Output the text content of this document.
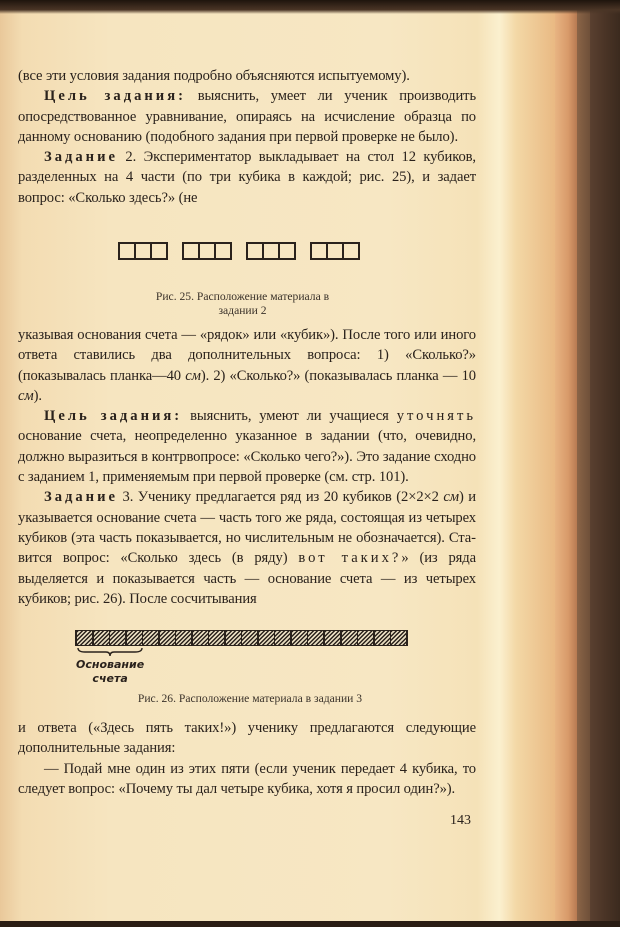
(все эти условия задания подробно объясняются испытуемому).

Цель задания: выяснить, умеет ли ученик производить опосредствованное уравнивание, опираясь на исчисление образца по данному основанию (подобного задания при первой проверке не было).

Задание 2. Экспериментатор выкладывает на стол 12 кубиков, разделенных на 4 части (по три кубика в каждой; рис. 25), и задает вопрос: «Сколько здесь?» (не

Рис. 25. Расположение материала в
задании 2

указывая основания счета — «рядок» или «кубик»). После того или иного ответа ставились два дополнительных вопроса: 1) «Сколько?» (показывалась планка—40 см). 2) «Сколько?» (показывалась планка — 10 см).

Цель задания: выяснить, умеют ли учащиеся уточнять основание счета, неопределенно указанное в задании (что, очевидно, должно выразиться в контрвопросе: «Сколько чего?»). Это задание сходно с заданием 1, применяемым при первой проверке (см. стр. 101).

Задание 3. Ученику предлагается ряд из 20 кубиков (2×2×2 см) и указывается основание счета — часть того же ряда, состоящая из четырех кубиков (эта часть показывается, но числительным не обозначается). Ставится вопрос: «Сколько здесь (в ряду) вот таких?» (из ряда выделяется и показывается часть — основание счета — из четырех кубиков; рис. 26). После сосчитывания

Основание
счета
Рис. 26. Расположение материала в задании 3

и ответа («Здесь пять таких!») ученику предлагаются следующие дополнительные задания:

— Подай мне один из этих пяти (если ученик передает 4 кубика, то следует вопрос: «Почему ты дал четыре кубика, хотя я просил один?»).

143
